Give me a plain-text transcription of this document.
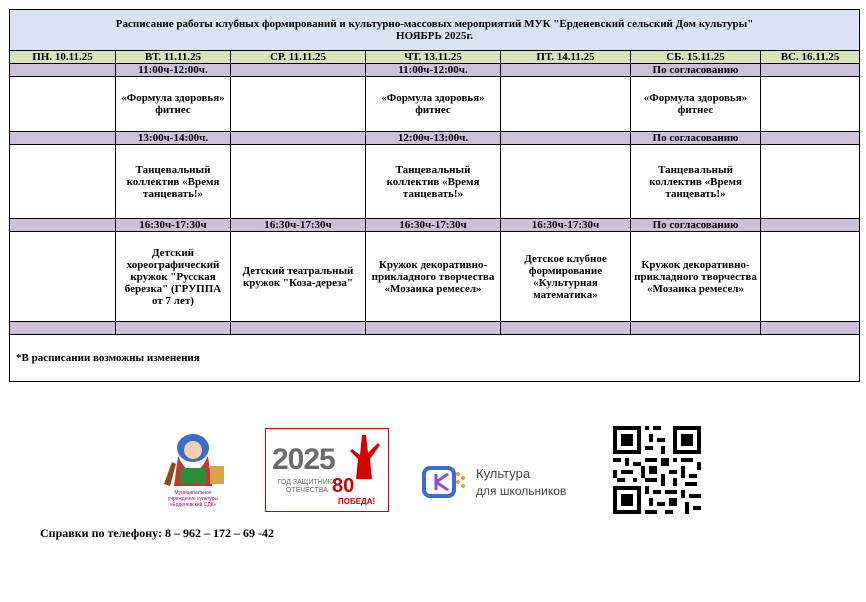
Расписание работы клубных формирований и культурно-массовых мероприятий МУК "Ерденевский сельский Дом культуры"
НОЯБРЬ 2025г.						

ПН. 10.11.25	ВТ. 11.11.25	СР. 11.11.25	ЧТ. 13.11.25	ПТ. 14.11.25	СБ. 15.11.25	ВС. 16.11.25
	11:00ч-12:00ч.		11:00ч-12:00ч.		По согласованию	
	«Формула здоровья» фитнес		«Формула здоровья» фитнес		«Формула здоровья» фитнес	
	13:00ч-14:00ч.		12:00ч-13:00ч.		По согласованию	
	Танцевальный коллектив «Время танцевать!»		Танцевальный коллектив «Время танцевать!»		Танцевальный коллектив «Время танцевать!»	
	16:30ч-17:30ч	16:30ч-17:30ч	16:30ч-17:30ч	16:30ч-17:30ч	По согласованию	
	Детский хореографический кружок "Русская березка" (ГРУППА от 7 лет)	Детский театральный кружок "Коза-дереза"	Кружок декоративно-прикладного творчества «Мозаика ремесел»	Детское клубное формирование «Культурная математика»	Кружок декоративно-прикладного творчества «Мозаика ремесел»	

*В расписании возможны изменения						
Муниципальное учреждение культуры «Ерденевский СДК»
2025
ГОД ЗАЩИТНИКА ОТЕЧЕСТВА 80
ПОБЕДА!
Культура
для школьников
Справки по телефону: 8 – 962 – 172 – 69 -42
